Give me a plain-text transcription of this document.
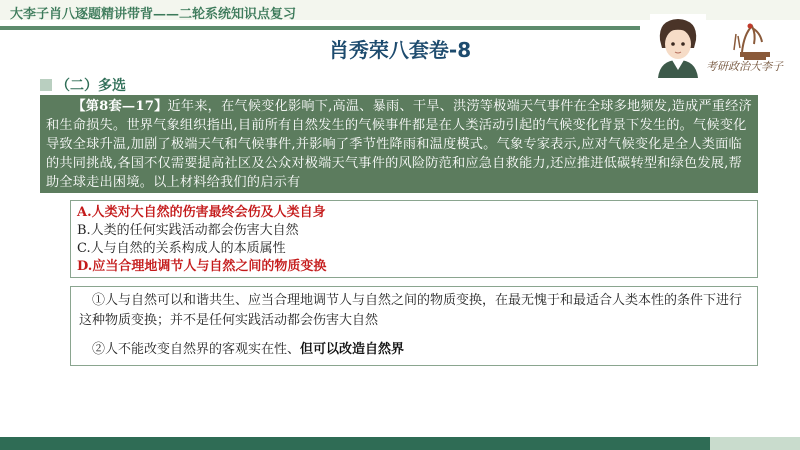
大李子肖八逐题精讲带背——二轮系统知识点复习
肖秀荣八套卷-8
考研政治大李子
（二）多选
【第8套—17】近年来，在气候变化影响下,高温、暴雨、干旱、洪涝等极端天气事件在全球多地频发,造成严重经济和生命损失。世界气象组织指出,目前所有自然发生的气候事件都是在人类活动引起的气候变化背景下发生的。气候变化导致全球升温,加剧了极端天气和气候事件,并影响了季节性降雨和温度模式。气象专家表示,应对气候变化是全人类面临的共同挑战,各国不仅需要提高社区及公众对极端天气事件的风险防范和应急自救能力,还应推进低碳转型和绿色发展,帮助全球走出困境。以上材料给我们的启示有
A.人类对大自然的伤害最终会伤及人类自身
B.人类的任何实践活动都会伤害大自然
C.人与自然的关系构成人的本质属性
D.应当合理地调节人与自然之间的物质变换

①人与自然可以和谐共生、应当合理地调节人与自然之间的物质变换，在最无愧于和最适合人类本性的条件下进行这种物质变换；并不是任何实践活动都会伤害大自然

②人不能改变自然界的客观实在性、但可以改造自然界
